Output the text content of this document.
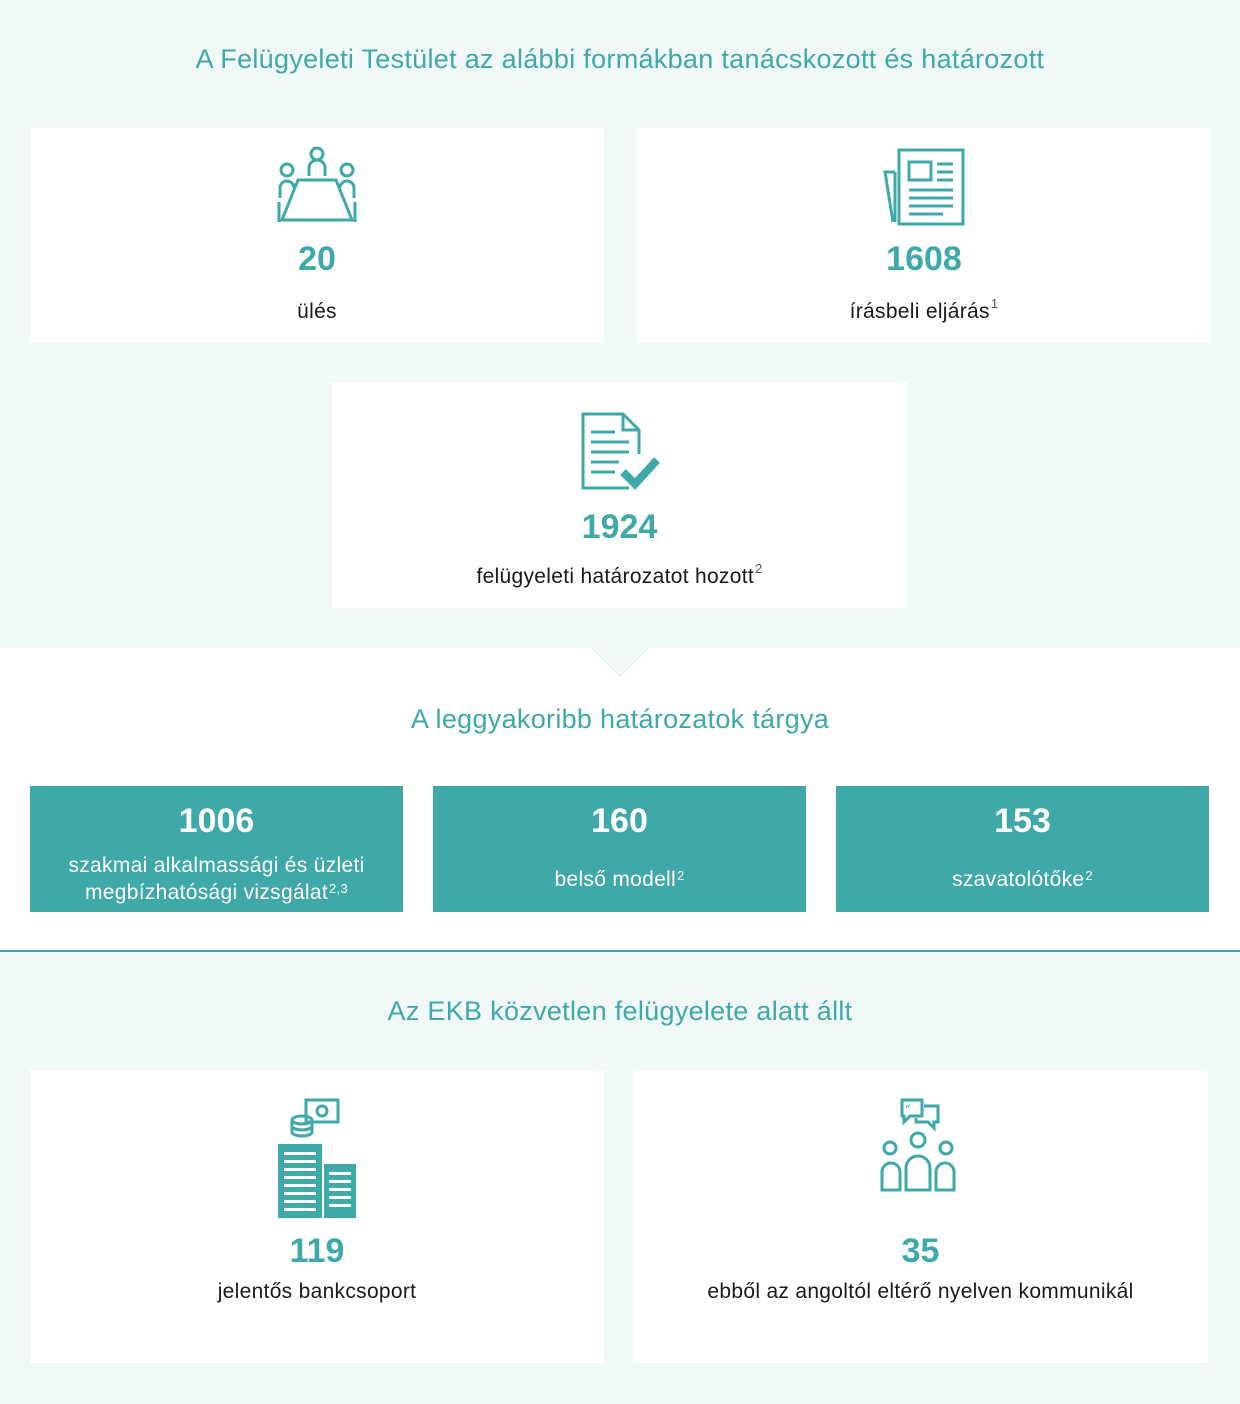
A Felügyeleti Testület az alábbi formákban tanácskozott és határozott
20
ülés
1608
írásbeli eljárás$^1$
1924
felügyeleti határozatot hozott$^2$
A leggyakoribb határozatok tárgya
1006
szakmai alkalmassági és üzleti
megbízhatósági vizsgálat$^{2,3}$
160
belső modell$^2$
153
szavatolótőke$^2$
Az EKB közvetlen felügyelete alatt állt
119
jelentős bankcsoport
“
35
ebből az angoltól eltérő nyelven kommunikál
